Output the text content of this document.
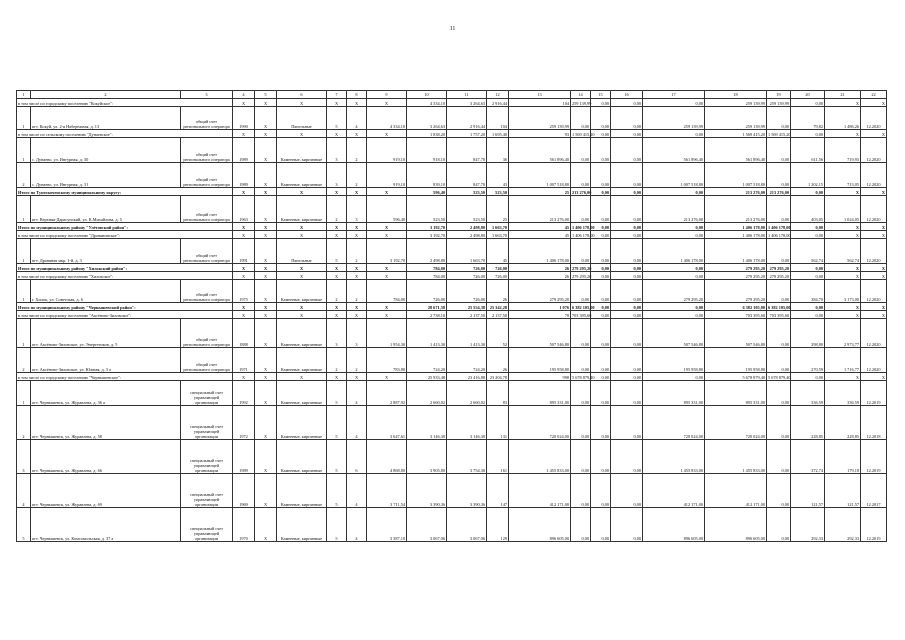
11
1	2	3	4	5	6	7	8	9	10	11	12	13	14	15	16	17	18	19	20	21	22	
в том числе по городскому поселению "Кокуйское":			X	X	X	X	X	X	4 334,10	3 264,63	2 916,44	104	259 139,99	0,00	0,00	0,00	259 139,99	259 139,99	0,00	X	X	
1	пгт. Кокуй, ул. 2-я Набережная, д. 13	общий счет регионального оператора	1990	X	Панельные	5	4	4 334,10	3 264,63	2 916,44	104	259 139,99	0,00	0,00	0,00	259 139,99	259 139,99	0,00	79,82	1 486,26	12.2020	
в том числе по сельскому поселению "Дунаевское":			X	X	X	X	X	X	1 838,20	1 757,20	1 695,40	93	1 569 415,20	0,00	0,00	0,00	1 569 415,20	1 569 415,20	0,00	X	X	
1	с. Дунаево, ул. Ингурная, д. 30	общий счет регионального оператора	1989	X	Каменные, кирпичные	3	2	919,10	918,10	847,70	36	561 896,40	0,00	0,00	0,00	561 896,40	561 896,40	0,00	611,56	719,93	12.2020	
2	с. Дунаево, ул. Ингурная, д. 31	общий счет регионального оператора	1989	X	Каменные, кирпичные	3	2	919,10	839,10	847,70	43	1 007 518,80	0,00	0,00	0,00	1 007 518,80	1 007 518,80	0,00	1 202,15	713,05	12.2020	
Итого по Тунгокоченскому муниципальному округу:			X	X	X	X	X	X	596,40	523,50	523,50	25	213 276,00	0,00	0,00	0,00	213 276,00	213 276,00	0,00	X	X	
1	пгт. Верхняя-Дарасунский, ул. К.Михайлова, д. 5	общий счет регионального оператора	1963	X	Каменные, кирпичные	2	3	596,40	523,50	523,50	25	213 276,00	0,00	0,00	0,00	213 276,00	213 276,00	0,00	403,05	1 024,05	12.2020	
Итого по муниципальному району "Улётовский район":			X	X	X	X	X	X	3 192,70	2 498,80	1 663,70	45	1 406 178,00	0,00	0,00	0,00	1 406 178,00	1 406 178,00	0,00	X	X	
в том числе по городскому поселению "Дровянинское":			X	X	X	X	X	X	3 192,70	2 498,80	1 663,70	45	1 406 178,00	0,00	0,00	0,00	1 406 178,00	1 406 178,00	0,00	X	X	
1	пгт. Дровяная мкр. 1-й, д. 3	общий счет регионального оператора	1991	X	Панельные	5	2	3 192,70	2 498,80	1 663,70	45	1 406 178,00	0,00	0,00	0,00	1 406 178,00	1 406 178,00	0,00	562,74	562,74	12.2020	
Итого по муниципальному району "Хилокский район":			X	X	X	X	X	X	784,00	726,00	726,00	26	279 295,20	0,00	0,00	0,00	279 295,20	279 295,20	0,00	X	X	
в том числе по городскому поселению "Хилокское":			X	X	X	X	X	X	784,00	726,00	726,00	26	279 295,20	0,00	0,00	0,00	279 295,20	279 295,20	0,00	X	X	
1	г. Хилок, ул. Советская, д. 6	общий счет регионального оператора	1975	X	Каменные, кирпичные	2	2	784,00	726,00	726,00	26	279 295,20	0,00	0,00	0,00	279 295,20	279 295,20	0,00	384,70	3 173,00	12.2020	
Итого по муниципальному району "Чернышевский район":			X	X	X	X	X	X	28 671,58	25 554,38	25 342,28	1 076	6 382 105,00	0,00	0,00	0,00	6 382 105,00	6 382 105,00	0,00	X	X	
в том числе по городскому поселению "Аксёново-Зиловское":			X	X	X	X	X	X	2 738,10	2 137,50	2 137,50	78	703 395,60	0,00	0,00	0,00	703 395,60	703 395,60	0,00	X	X	
1	пгт. Аксёново-Зиловское, ул. Энергетиков, д. 5	общий счет регионального оператора	1888	X	Каменные, кирпичные	3	3	1 954,30	1 413,30	1 413,30	52	507 546,80	0,00	0,00	0,00	507 546,80	507 546,80	0,00	298,80	2 973,77	12.2020	
2	пгт. Аксёново-Зиловское, ул. Южная, д. 3 а	общий счет регионального оператора	1971	X	Каменные, кирпичные	2	2	783,80	724,20	724,20	26	195 958,80	0,00	0,00	0,00	195 958,80	195 958,80	0,00	270,59	1 716,77	12.2020	
в том числе по городскому поселению "Чернышевское":			X	X	X	X	X	X	25 933,48	23 416,88	23 204,78	998	5 678 879,40	0,00	0,00	0,00	5 678 879,40	5 678 879,40	0,00	X	X	
1	пгт. Чернышевск, ул. Журавлева, д. 36 а	специальный счет управляющей организации	1992	X	Каменные, кирпичные	5	4	2 887,92	2 660,02	2 660,02	83	895 331,00	0,00	0,00	0,00	895 331,00	895 331,00	0,00	336,59	336,59	12.2019	
2	пгт. Чернышевск, ул. Журавлева, д. 58	специальный счет управляющей организации	1972	X	Каменные, кирпичные	5	4	3 647,61	3 146,30	3 146,30	131	720 024,00	0,00	0,00	0,00	720 024,00	720 024,00	0,00	228,85	228,85	12.2018	
3	пгт. Чернышевск, ул. Журавлева, д. 66	специальный счет управляющей организации	1989	X	Каменные, кирпичные	5	6	4 868,80	3 905,80	3 754,30	161	1 455 833,00	0,00	0,00	0,00	1 455 833,00	1 455 833,00	0,00	372,74	179,18	12.2019	
4	пгт. Чернышевск, ул. Журавлева, д. 69	специальный счет управляющей организации	1969	X	Каменные, кирпичные	5	4	3 711,54	3 390,36	3 390,36	147	412 171,00	0,00	0,00	0,00	412 171,00	412 171,00	0,00	121,57	121,57	12.2017	
5	пгт. Чернышевск, ул. Комсомольская, д. 37 а	специальный счет управляющей организации	1970	X	Каменные, кирпичные	5	4	3 387,10	3 067,06	3 067,06	129	896 605,00	0,00	0,00	0,00	896 605,00	896 605,00	0,00	292,33	292,33	12.2019	
